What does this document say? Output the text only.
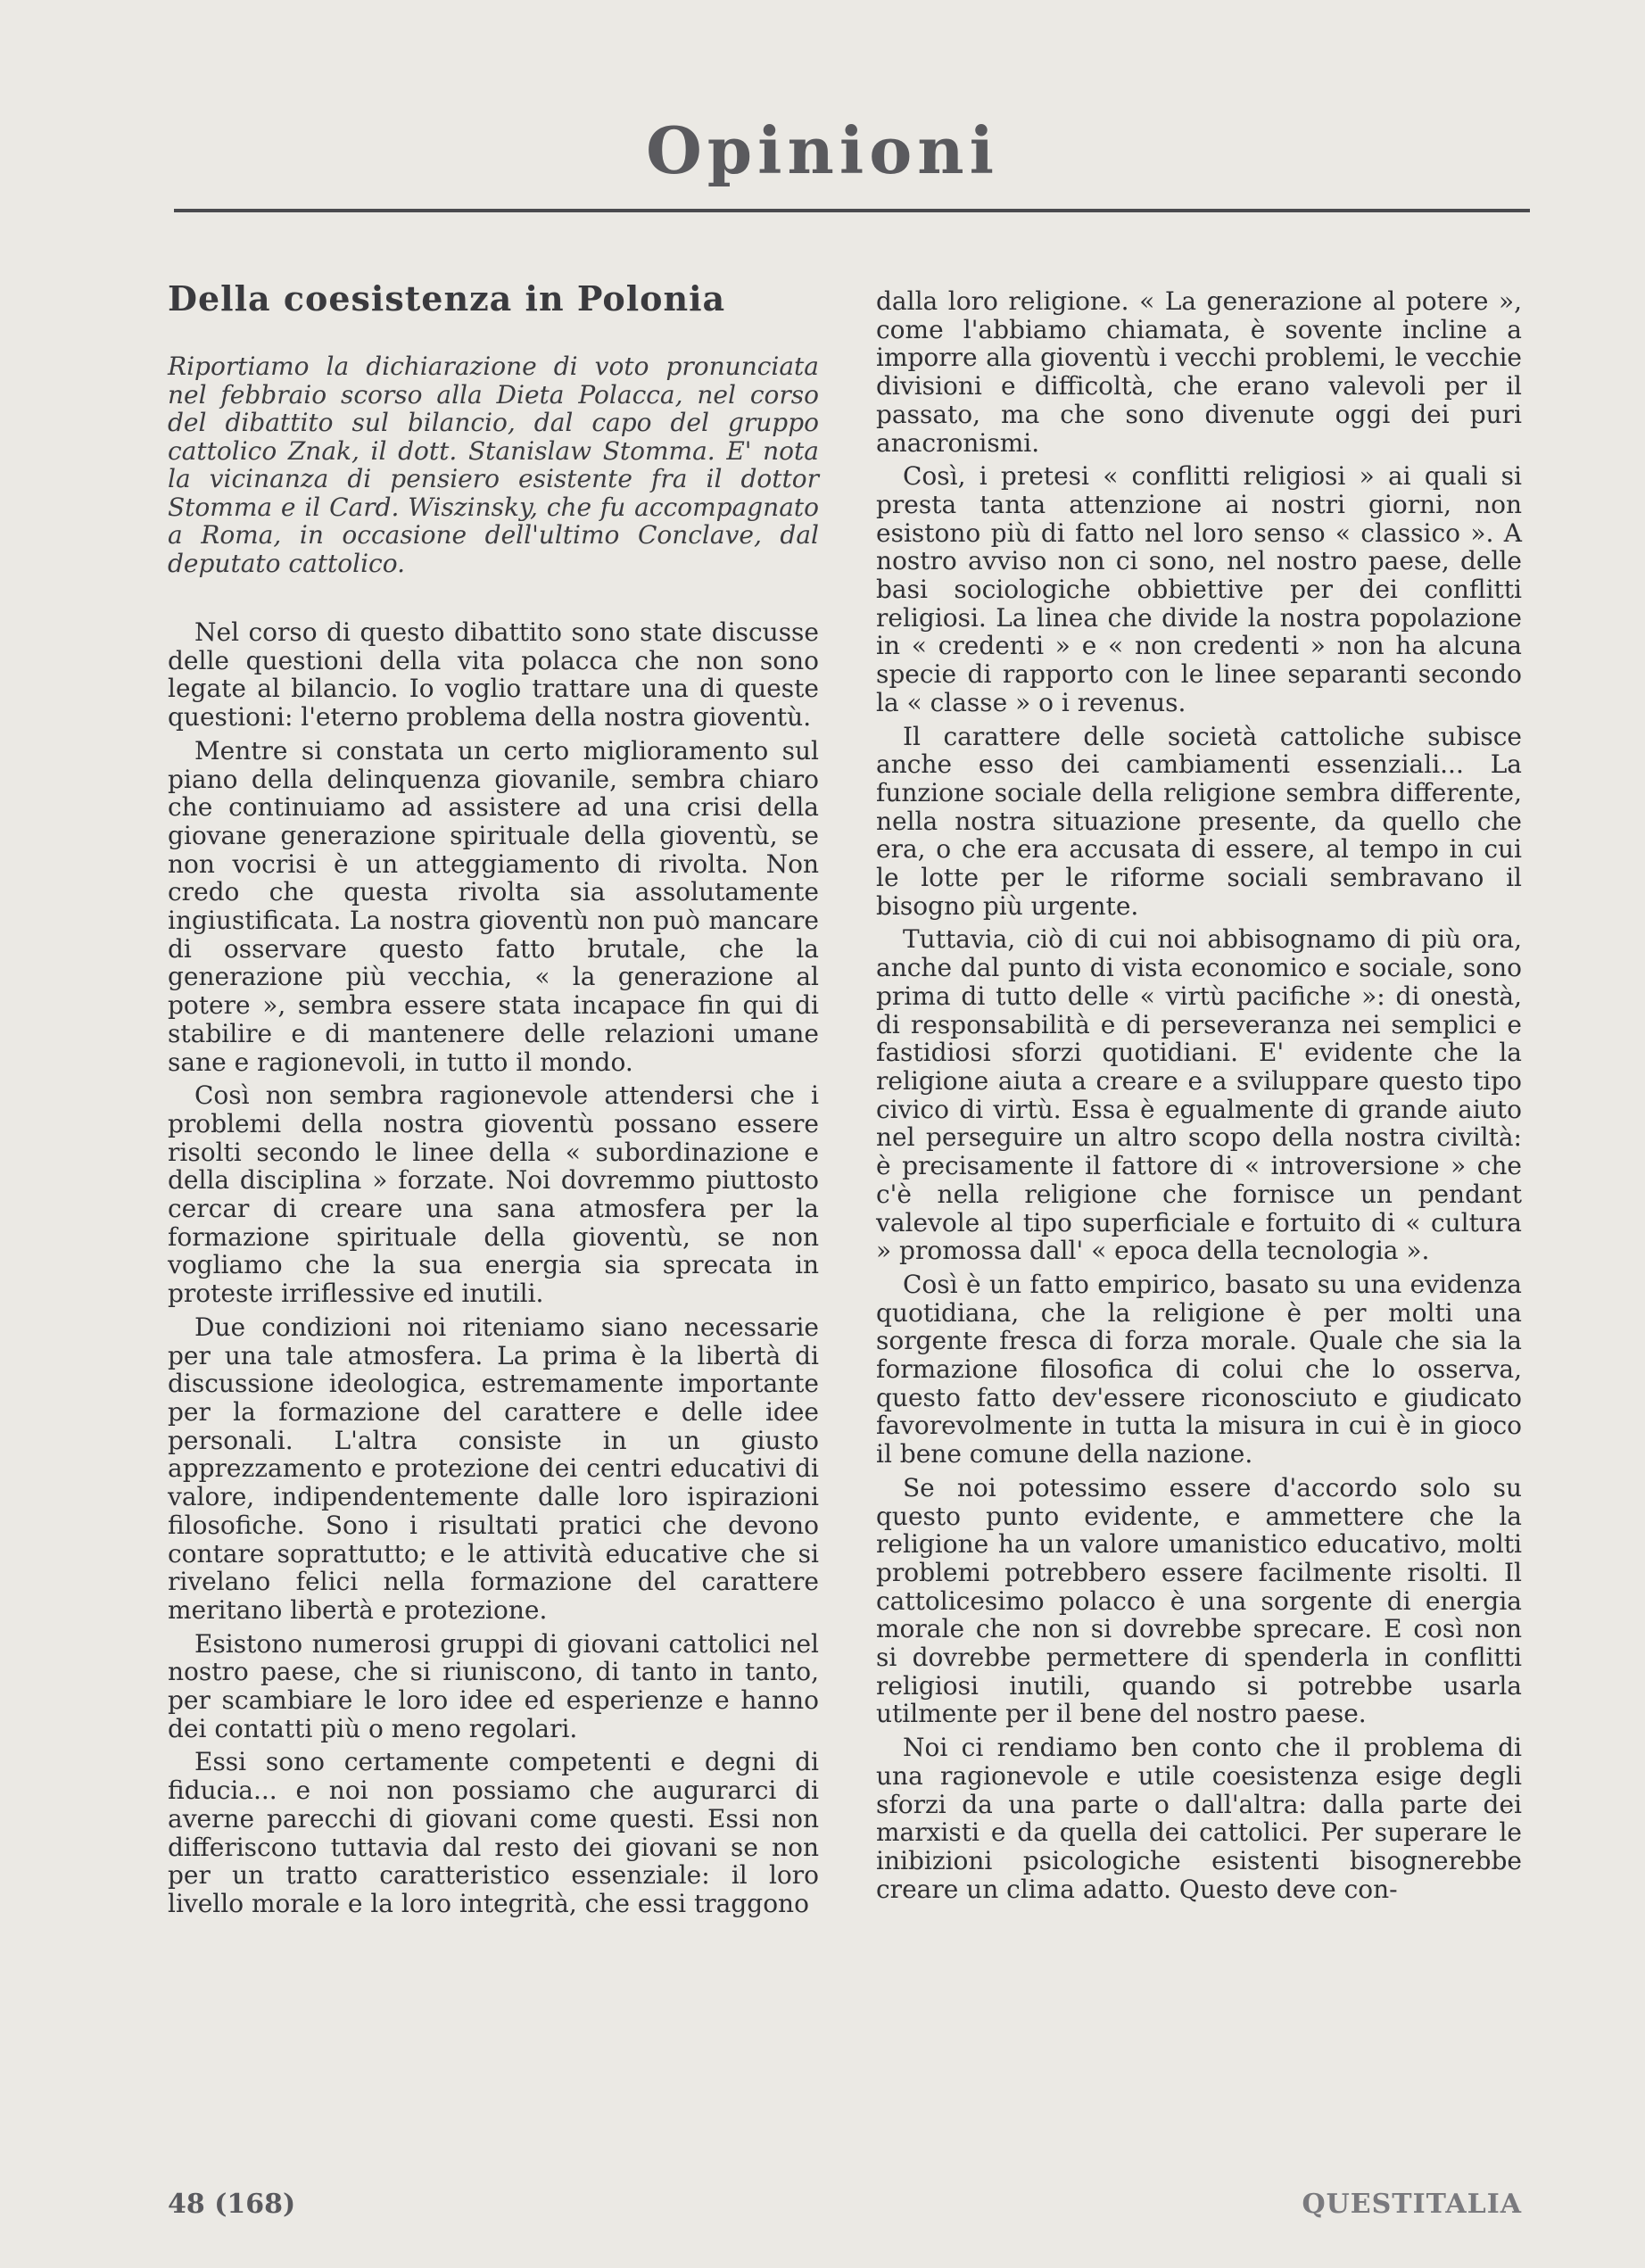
Opinioni
Della coesistenza in Polonia
Riportiamo la dichiarazione di voto pronunciata nel febbraio scorso alla Dieta Polacca, nel corso del dibattito sul bilancio, dal capo del gruppo cattolico Znak, il dott. Stanislaw Stomma. E' nota la vicinanza di pensiero esistente fra il dottor Stomma e il Card. Wiszinsky, che fu accompagnato a Roma, in occasione dell'ultimo Conclave, dal deputato cattolico.

Nel corso di questo dibattito sono state discusse delle questioni della vita polacca che non sono legate al bilancio. Io voglio trattare una di queste questioni: l'eterno problema della nostra gioventù.

Mentre si constata un certo miglioramento sul piano della delinquenza giovanile, sembra chiaro che continuiamo ad assistere ad una crisi della giovane generazione spirituale della gioventù, se non vocrisi è un atteggiamento di rivolta. Non credo che questa rivolta sia assolutamente ingiustificata. La nostra gioventù non può mancare di osservare questo fatto brutale, che la generazione più vecchia, « la generazione al potere », sembra essere stata incapace fin qui di stabilire e di mantenere delle relazioni umane sane e ragionevoli, in tutto il mondo.

Così non sembra ragionevole attendersi che i problemi della nostra gioventù possano essere risolti secondo le linee della « subordinazione e della disciplina » forzate. Noi dovremmo piuttosto cercar di creare una sana atmosfera per la formazione spirituale della gioventù, se non vogliamo che la sua energia sia sprecata in proteste irriflessive ed inutili.

Due condizioni noi riteniamo siano necessarie per una tale atmosfera. La prima è la libertà di discussione ideologica, estremamente importante per la formazione del carattere e delle idee personali. L'altra consiste in un giusto apprezzamento e protezione dei centri educativi di valore, indipendentemente dalle loro ispirazioni filosofiche. Sono i risultati pratici che devono contare soprattutto; e le attività educative che si rivelano felici nella formazione del carattere meritano libertà e protezione.

Esistono numerosi gruppi di giovani cattolici nel nostro paese, che si riuniscono, di tanto in tanto, per scambiare le loro idee ed esperienze e hanno dei contatti più o meno regolari.

Essi sono certamente competenti e degni di fiducia... e noi non possiamo che augurarci di averne parecchi di giovani come questi. Essi non differiscono tuttavia dal resto dei giovani se non per un tratto caratteristico essenziale: il loro livello morale e la loro integrità, che essi traggono

dalla loro religione. « La generazione al potere », come l'abbiamo chiamata, è sovente incline a imporre alla gioventù i vecchi problemi, le vecchie divisioni e difficoltà, che erano valevoli per il passato, ma che sono divenute oggi dei puri anacronismi.

Così, i pretesi « conflitti religiosi » ai quali si presta tanta attenzione ai nostri giorni, non esistono più di fatto nel loro senso « classico ». A nostro avviso non ci sono, nel nostro paese, delle basi sociologiche obbiettive per dei conflitti religiosi. La linea che divide la nostra popolazione in « credenti » e « non credenti » non ha alcuna specie di rapporto con le linee separanti secondo la « classe » o i revenus.

Il carattere delle società cattoliche subisce anche esso dei cambiamenti essenziali... La funzione sociale della religione sembra differente, nella nostra situazione presente, da quello che era, o che era accusata di essere, al tempo in cui le lotte per le riforme sociali sembravano il bisogno più urgente.

Tuttavia, ciò di cui noi abbisognamo di più ora, anche dal punto di vista economico e sociale, sono prima di tutto delle « virtù pacifiche »: di onestà, di responsabilità e di perseveranza nei semplici e fastidiosi sforzi quotidiani. E' evidente che la religione aiuta a creare e a sviluppare questo tipo civico di virtù. Essa è egualmente di grande aiuto nel perseguire un altro scopo della nostra civiltà: è precisamente il fattore di « introversione » che c'è nella religione che fornisce un pendant valevole al tipo superficiale e fortuito di « cultura » promossa dall' « epoca della tecnologia ».

Così è un fatto empirico, basato su una evidenza quotidiana, che la religione è per molti una sorgente fresca di forza morale. Quale che sia la formazione filosofica di colui che lo osserva, questo fatto dev'essere riconosciuto e giudicato favorevolmente in tutta la misura in cui è in gioco il bene comune della nazione.

Se noi potessimo essere d'accordo solo su questo punto evidente, e ammettere che la religione ha un valore umanistico educativo, molti problemi potrebbero essere facilmente risolti. Il cattolicesimo polacco è una sorgente di energia morale che non si dovrebbe sprecare. E così non si dovrebbe permettere di spenderla in conflitti religiosi inutili, quando si potrebbe usarla utilmente per il bene del nostro paese.

Noi ci rendiamo ben conto che il problema di una ragionevole e utile coesistenza esige degli sforzi da una parte o dall'altra: dalla parte dei marxisti e da quella dei cattolici. Per superare le inibizioni psicologiche esistenti bisognerebbe creare un clima adatto. Questo deve con-

48 (168)	QUESTITALIA
